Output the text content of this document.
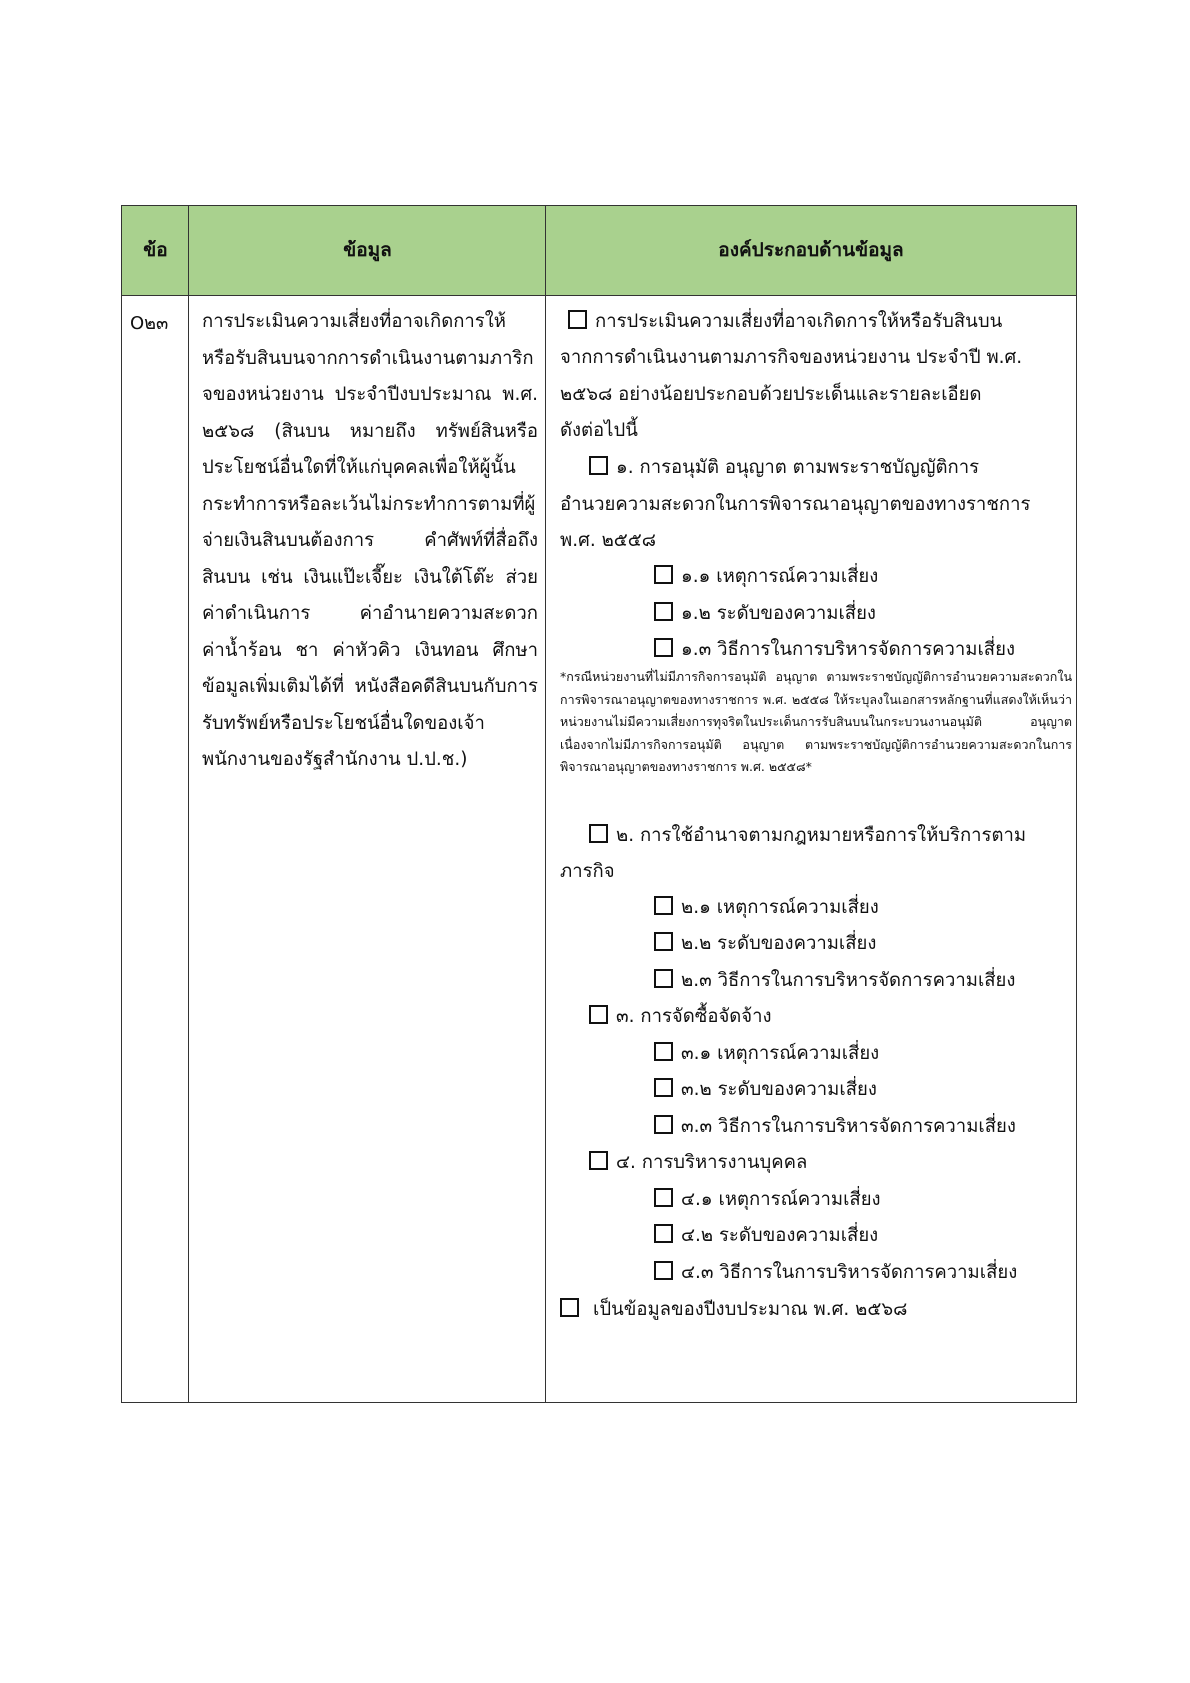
ข้อ	ข้อมูล	องค์ประกอบด้านข้อมูล
O๒๓ การประเมินความเสี่ยงที่อาจเกิดการให้หรือรับสินบนจากการดำเนินงานตามภาริกจของหน่วยงาน ประจำปีงบประมาณ พ.ศ. ๒๕๖๘ (สินบน หมายถึง ทรัพย์สินหรือประโยชน์อื่นใดที่ให้แก่บุคคลเพื่อให้ผู้นั้นกระทำการหรือละเว้นไม่กระทำการตามที่ผู้จ่ายเงินสินบนต้องการ คำศัพท์ที่สื่อถึงสินบน เช่น เงินแป๊ะเจี๊ยะ เงินใต้โต๊ะ ส่วย ค่าดำเนินการ ค่าอำนายความสะดวก ค่าน้ำร้อน ชา ค่าหัวคิว เงินทอน ศึกษาข้อมูลเพิ่มเติมได้ที่ หนังสือคดีสินบนกับการรับทรัพย์หรือประโยชน์อื่นใดของเจ้าพนักงานของรัฐสำนักงาน ป.ป.ช.)
การประเมินความเสี่ยงที่อาจเกิดการให้หรือรับสินบน
จากการดำเนินงานตามภารกิจของหน่วยงาน ประจำปี พ.ศ.
๒๕๖๘ อย่างน้อยประกอบด้วยประเด็นและรายละเอียด
ดังต่อไปนี้
๑. การอนุมัติ อนุญาต ตามพระราชบัญญัติการ
อำนวยความสะดวกในการพิจารณาอนุญาตของทางราชการ
พ.ศ. ๒๕๕๘
๑.๑ เหตุการณ์ความเสี่ยง
๑.๒ ระดับของความเสี่ยง
๑.๓ วิธีการในการบริหารจัดการความเสี่ยง
*กรณีหน่วยงานที่ไม่มีภารกิจการอนุมัติ อนุญาต ตามพระราชบัญญัติการอำนวยความสะดวกในการพิจารณาอนุญาตของทางราชการ พ.ศ. ๒๕๕๘ ให้ระบุลงในเอกสารหลักฐานที่แสดงให้เห็นว่าหน่วยงานไม่มีความเสี่ยงการทุจริตในประเด็นการรับสินบนในกระบวนงานอนุมัติ อนุญาต เนื่องจากไม่มีภารกิจการอนุมัติ อนุญาต ตามพระราชบัญญัติการอำนวยความสะดวกในการพิจารณาอนุญาตของทางราชการ พ.ศ. ๒๕๕๘*
๒. การใช้อำนาจตามกฎหมายหรือการให้บริการตาม
ภารกิจ
๒.๑ เหตุการณ์ความเสี่ยง
๒.๒ ระดับของความเสี่ยง
๒.๓ วิธีการในการบริหารจัดการความเสี่ยง
๓. การจัดซื้อจัดจ้าง
๓.๑ เหตุการณ์ความเสี่ยง
๓.๒ ระดับของความเสี่ยง
๓.๓ วิธีการในการบริหารจัดการความเสี่ยง
๔. การบริหารงานบุคคล
๔.๑ เหตุการณ์ความเสี่ยง
๔.๒ ระดับของความเสี่ยง
๔.๓ วิธีการในการบริหารจัดการความเสี่ยง
เป็นข้อมูลของปีงบประมาณ พ.ศ. ๒๕๖๘
